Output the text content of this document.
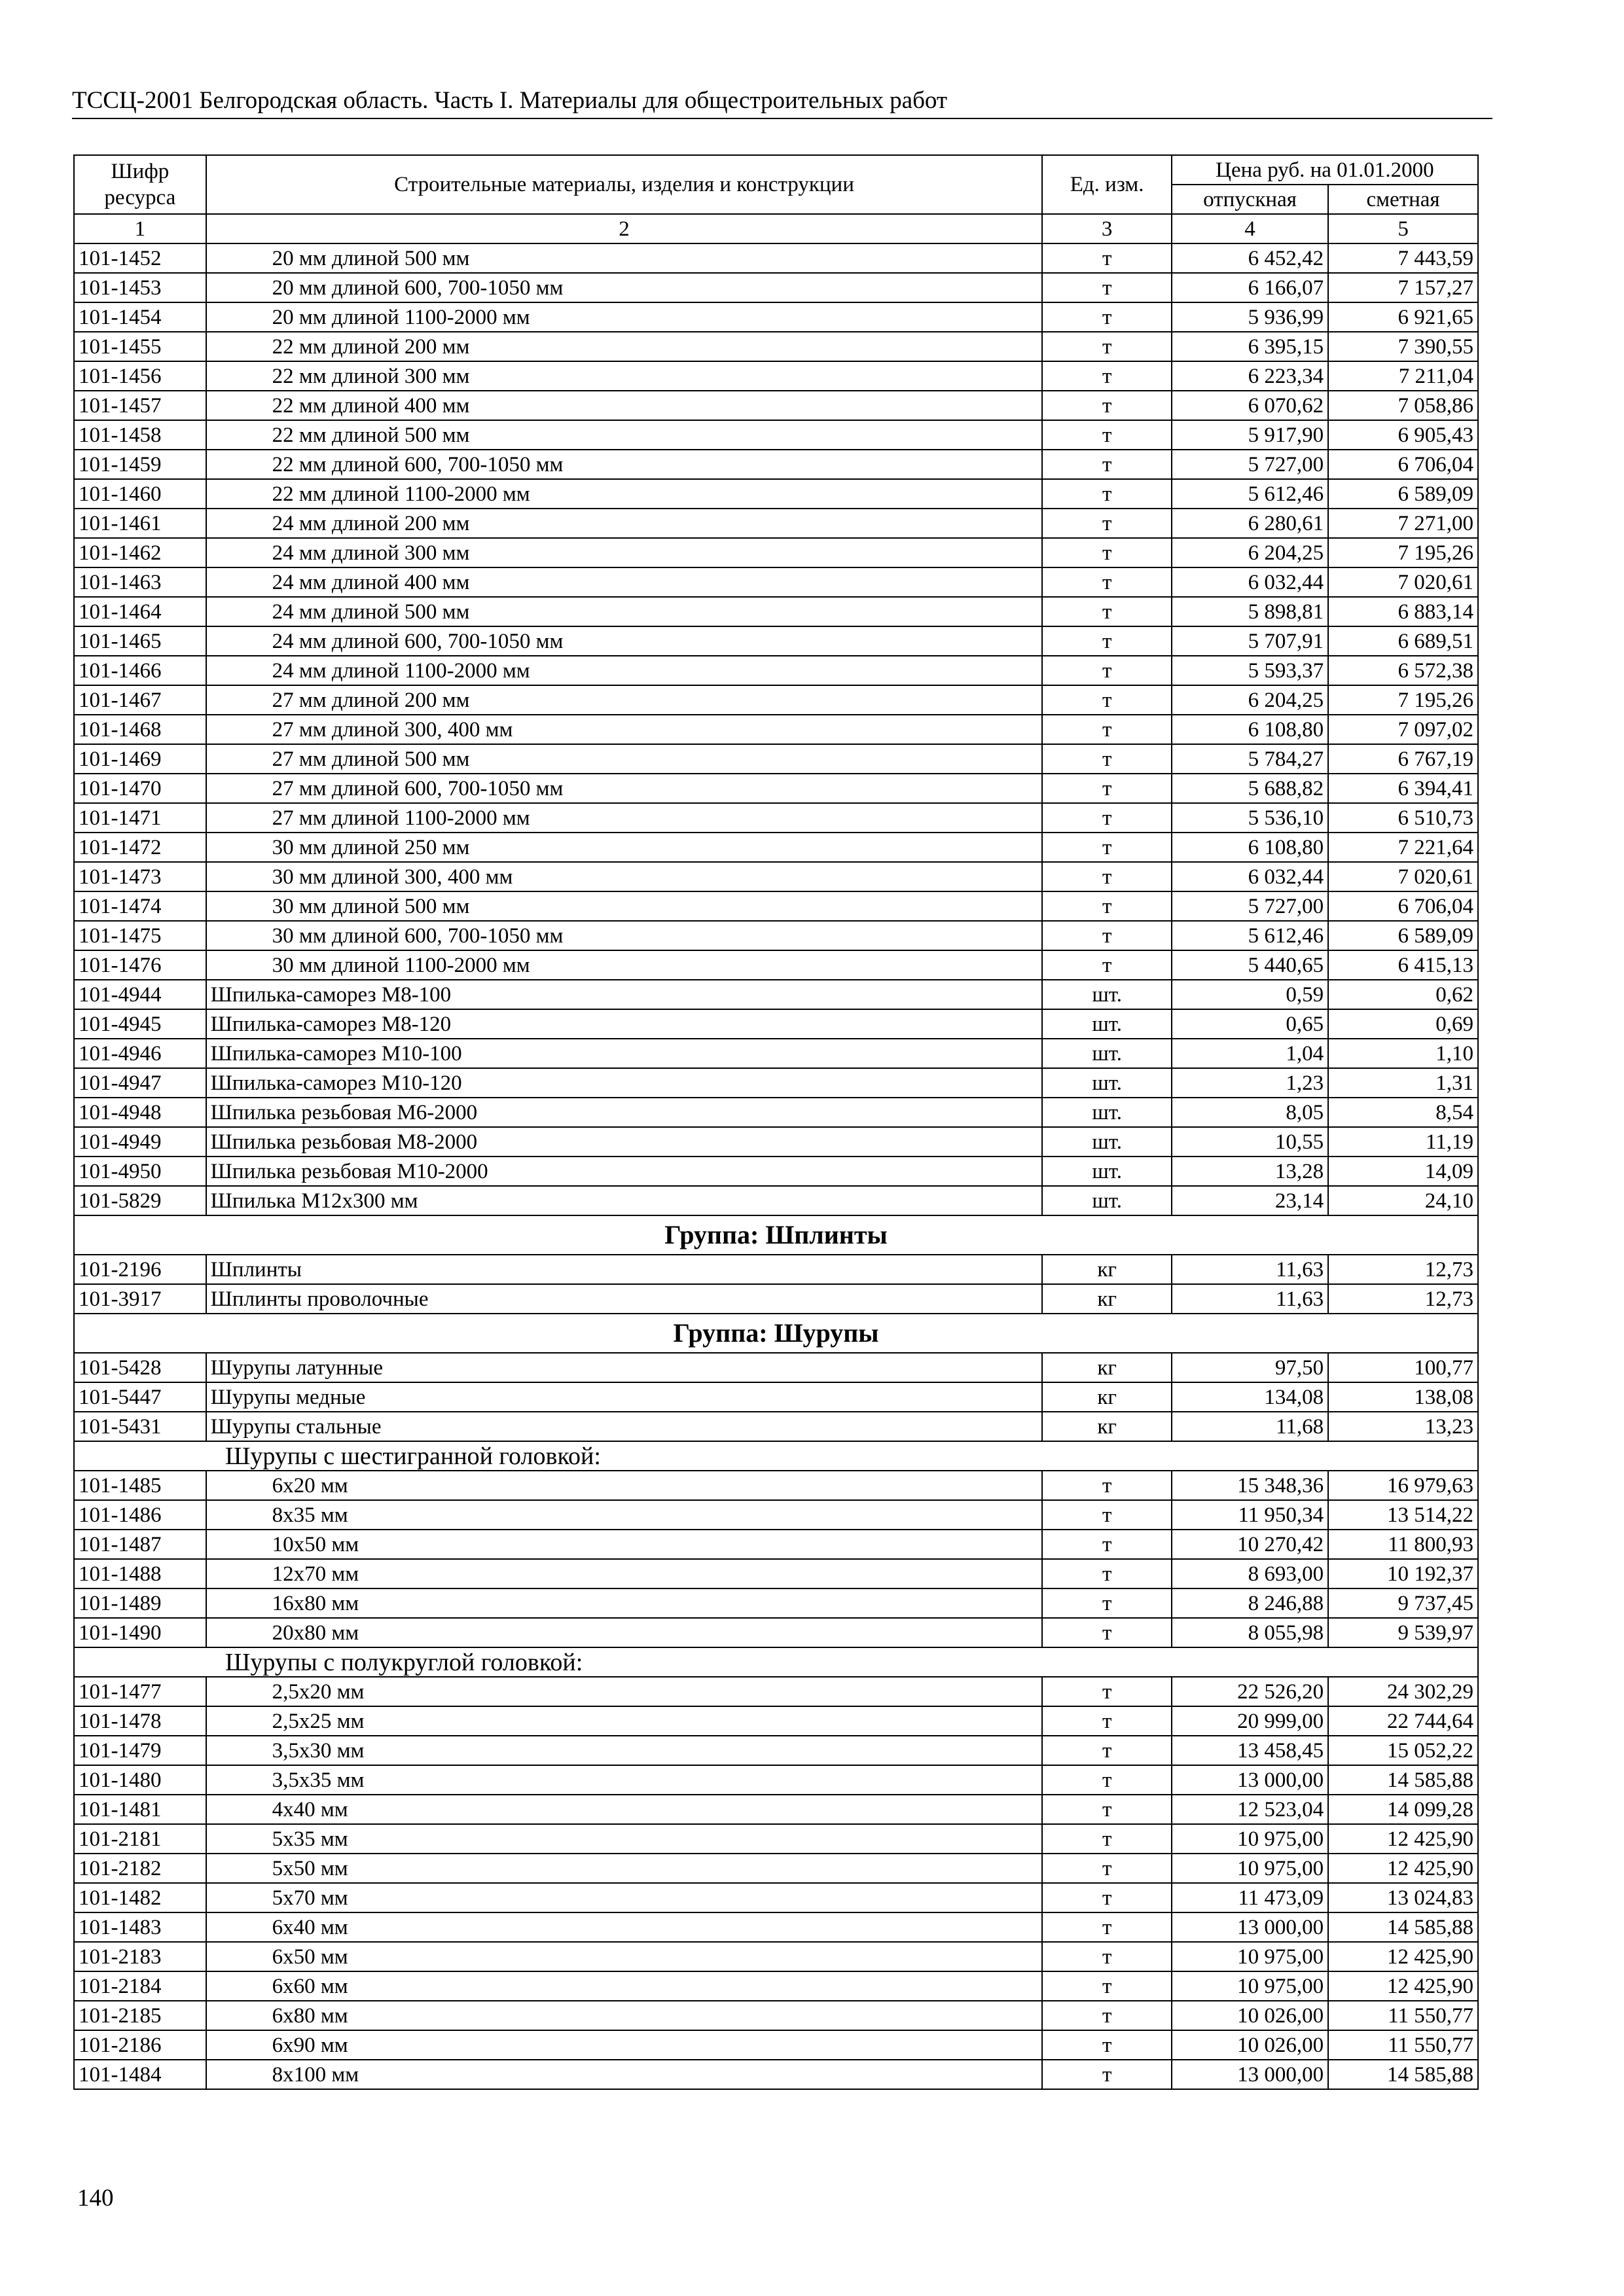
ТССЦ-2001 Белгородская область. Часть I. Материалы для общестроительных работ
Шифр ресурса	Строительные материалы, изделия и конструкции	Ед. изм.	Цена руб. на 01.01.2000	
			отпускная	сметная
1	2	3	4	5
101-1452	20 мм длиной 500 мм	т	6 452,42	7 443,59
101-1453	20 мм длиной 600, 700-1050 мм	т	6 166,07	7 157,27
101-1454	20 мм длиной 1100-2000 мм	т	5 936,99	6 921,65
101-1455	22 мм длиной 200 мм	т	6 395,15	7 390,55
101-1456	22 мм длиной 300 мм	т	6 223,34	7 211,04
101-1457	22 мм длиной 400 мм	т	6 070,62	7 058,86
101-1458	22 мм длиной 500 мм	т	5 917,90	6 905,43
101-1459	22 мм длиной 600, 700-1050 мм	т	5 727,00	6 706,04
101-1460	22 мм длиной 1100-2000 мм	т	5 612,46	6 589,09
101-1461	24 мм длиной 200 мм	т	6 280,61	7 271,00
101-1462	24 мм длиной 300 мм	т	6 204,25	7 195,26
101-1463	24 мм длиной 400 мм	т	6 032,44	7 020,61
101-1464	24 мм длиной 500 мм	т	5 898,81	6 883,14
101-1465	24 мм длиной 600, 700-1050 мм	т	5 707,91	6 689,51
101-1466	24 мм длиной 1100-2000 мм	т	5 593,37	6 572,38
101-1467	27 мм длиной 200 мм	т	6 204,25	7 195,26
101-1468	27 мм длиной 300, 400 мм	т	6 108,80	7 097,02
101-1469	27 мм длиной 500 мм	т	5 784,27	6 767,19
101-1470	27 мм длиной 600, 700-1050 мм	т	5 688,82	6 394,41
101-1471	27 мм длиной 1100-2000 мм	т	5 536,10	6 510,73
101-1472	30 мм длиной 250 мм	т	6 108,80	7 221,64
101-1473	30 мм длиной 300, 400 мм	т	6 032,44	7 020,61
101-1474	30 мм длиной 500 мм	т	5 727,00	6 706,04
101-1475	30 мм длиной 600, 700-1050 мм	т	5 612,46	6 589,09
101-1476	30 мм длиной 1100-2000 мм	т	5 440,65	6 415,13
101-4944	Шпилька-саморез М8-100	шт.	0,59	0,62
101-4945	Шпилька-саморез М8-120	шт.	0,65	0,69
101-4946	Шпилька-саморез М10-100	шт.	1,04	1,10
101-4947	Шпилька-саморез М10-120	шт.	1,23	1,31
101-4948	Шпилька резьбовая М6-2000	шт.	8,05	8,54
101-4949	Шпилька резьбовая М8-2000	шт.	10,55	11,19
101-4950	Шпилька резьбовая М10-2000	шт.	13,28	14,09
101-5829	Шпилька М12х300 мм	шт.	23,14	24,10
Группа: Шплинты				
101-2196	Шплинты	кг	11,63	12,73
101-3917	Шплинты проволочные	кг	11,63	12,73
Группа: Шурупы				
101-5428	Шурупы латунные	кг	97,50	100,77
101-5447	Шурупы медные	кг	134,08	138,08
101-5431	Шурупы стальные	кг	11,68	13,23
Шурупы с шестигранной головкой:				
101-1485	6х20 мм	т	15 348,36	16 979,63
101-1486	8х35 мм	т	11 950,34	13 514,22
101-1487	10х50 мм	т	10 270,42	11 800,93
101-1488	12х70 мм	т	8 693,00	10 192,37
101-1489	16х80 мм	т	8 246,88	9 737,45
101-1490	20х80 мм	т	8 055,98	9 539,97
Шурупы с полукруглой головкой:				
101-1477	2,5х20 мм	т	22 526,20	24 302,29
101-1478	2,5х25 мм	т	20 999,00	22 744,64
101-1479	3,5х30 мм	т	13 458,45	15 052,22
101-1480	3,5х35 мм	т	13 000,00	14 585,88
101-1481	4х40 мм	т	12 523,04	14 099,28
101-2181	5х35 мм	т	10 975,00	12 425,90
101-2182	5х50 мм	т	10 975,00	12 425,90
101-1482	5х70 мм	т	11 473,09	13 024,83
101-1483	6х40 мм	т	13 000,00	14 585,88
101-2183	6х50 мм	т	10 975,00	12 425,90
101-2184	6х60 мм	т	10 975,00	12 425,90
101-2185	6х80 мм	т	10 026,00	11 550,77
101-2186	6х90 мм	т	10 026,00	11 550,77
101-1484	8х100 мм	т	13 000,00	14 585,88
140
